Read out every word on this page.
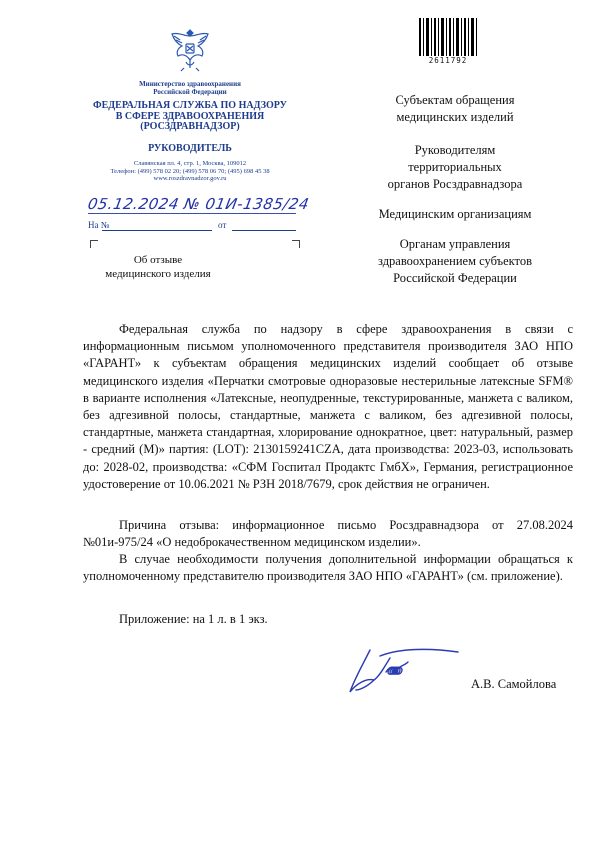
Министерство здравоохранения
Российской Федерации
ФЕДЕРАЛЬНАЯ СЛУЖБА ПО НАДЗОРУ
В СФЕРЕ ЗДРАВООХРАНЕНИЯ
(РОСЗДРАВНАДЗОР)
РУКОВОДИТЕЛЬ
Славянская пл. 4, стр. 1, Москва, 109012
Телефон: (499) 578 02 20; (499) 578 06 70; (495) 698 45 38
www.roszdravnadzor.gov.ru
05.12.2024 № 01И-1385/24
На №	от
Об отзыве
медицинского изделия
2611792
Субъектам обращения
медицинских изделий
Руководителям
территориальных
органов Росздравнадзора
Медицинским организациям
Органам управления
здравоохранением субъектов
Российской Федерации

Федеральная служба по надзору в сфере здравоохранения в связи с информационным письмом уполномоченного представителя производителя ЗАО НПО «ГАРАНТ» к субъектам обращения медицинских изделий сообщает об отзыве медицинского изделия «Перчатки смотровые одноразовые нестерильные латексные SFM® в варианте исполнения «Латексные, неопудренные, текстурированные, манжета с валиком, без адгезивной полосы, стандартные, манжета с валиком, без адгезивной полосы, стандартные, манжета стандартная, хлорирование однократное, цвет: натуральный, размер - средний (M)» партия: (LOT): 2130159241CZA, дата производства: 2023-03, использовать до: 2028-02, производства: «СФМ Госпитал Продактс ГмбХ», Германия, регистрационное удостоверение от 10.06.2021 № РЗН 2018/7679, срок действия не ограничен.

Причина отзыва: информационное письмо Росздравнадзора от 27.08.2024 №01и-975/24 «О недоброкачественном медицинском изделии».

В случае необходимости получения дополнительной информации обращаться к уполномоченному представителю производителя ЗАО НПО «ГАРАНТ» (см. приложение).

Приложение: на 1 л. в 1 экз.
А.В. Самойлова
